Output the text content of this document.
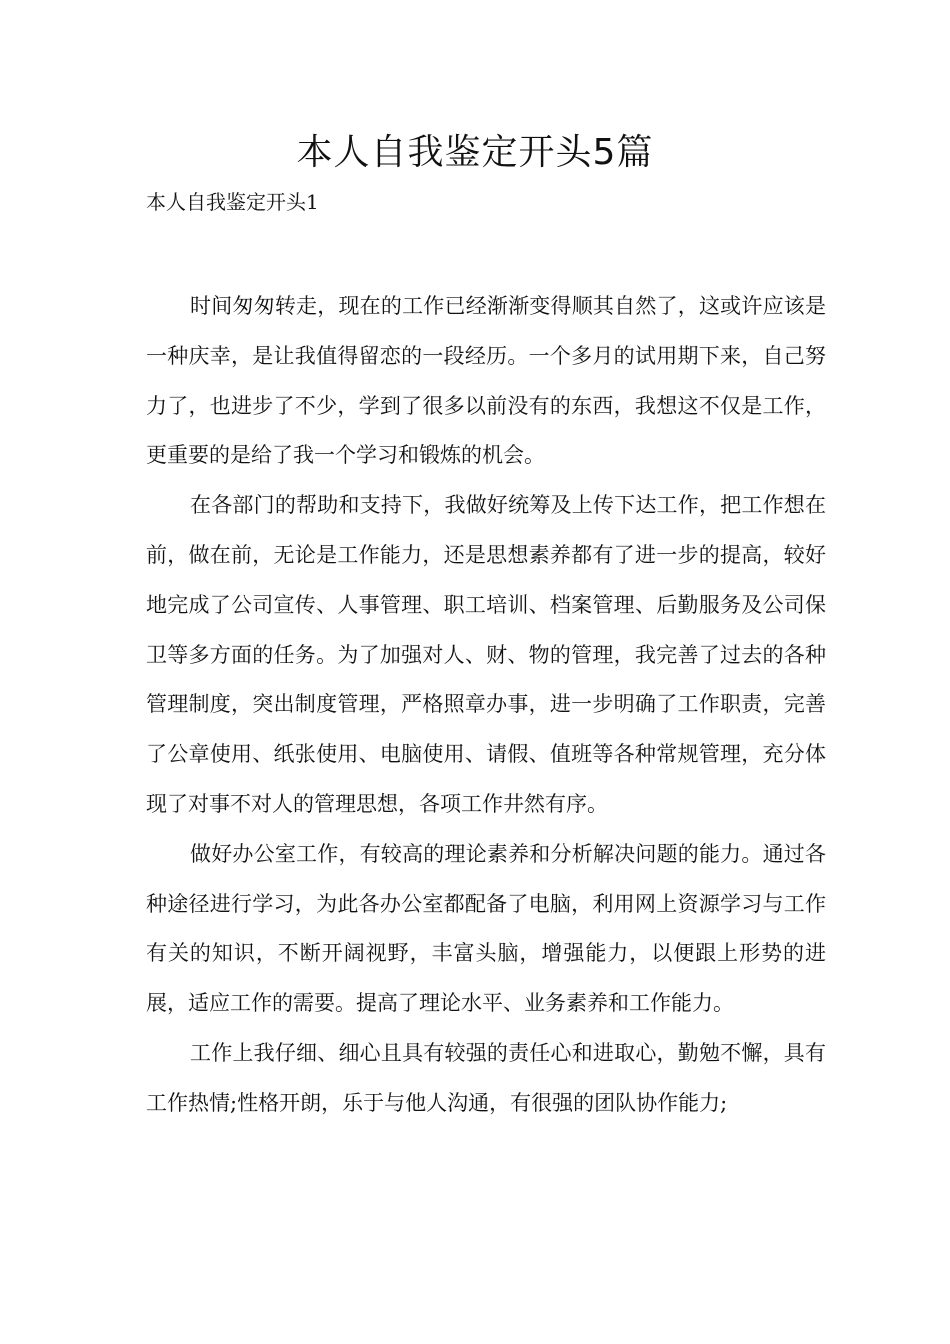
本人自我鉴定开头5篇
本人自我鉴定开头1

时间匆匆转走，现在的工作已经渐渐变得顺其自然了，这或许应该是一种庆幸，是让我值得留恋的一段经历。一个多月的试用期下来，自己努力了，也进步了不少，学到了很多以前没有的东西，我想这不仅是工作，更重要的是给了我一个学习和锻炼的机会。

在各部门的帮助和支持下，我做好统筹及上传下达工作，把工作想在前，做在前，无论是工作能力，还是思想素养都有了进一步的提高，较好地完成了公司宣传、人事管理、职工培训、档案管理、后勤服务及公司保卫等多方面的任务。为了加强对人、财、物的管理，我完善了过去的各种管理制度，突出制度管理，严格照章办事，进一步明确了工作职责，完善了公章使用、纸张使用、电脑使用、请假、值班等各种常规管理，充分体现了对事不对人的管理思想，各项工作井然有序。

做好办公室工作，有较高的理论素养和分析解决问题的能力。通过各种途径进行学习，为此各办公室都配备了电脑，利用网上资源学习与工作有关的知识，不断开阔视野，丰富头脑，增强能力，以便跟上形势的进展，适应工作的需要。提高了理论水平、业务素养和工作能力。

工作上我仔细、细心且具有较强的责任心和进取心，勤勉不懈，具有工作热情;性格开朗，乐于与他人沟通，有很强的团队协作能力;
